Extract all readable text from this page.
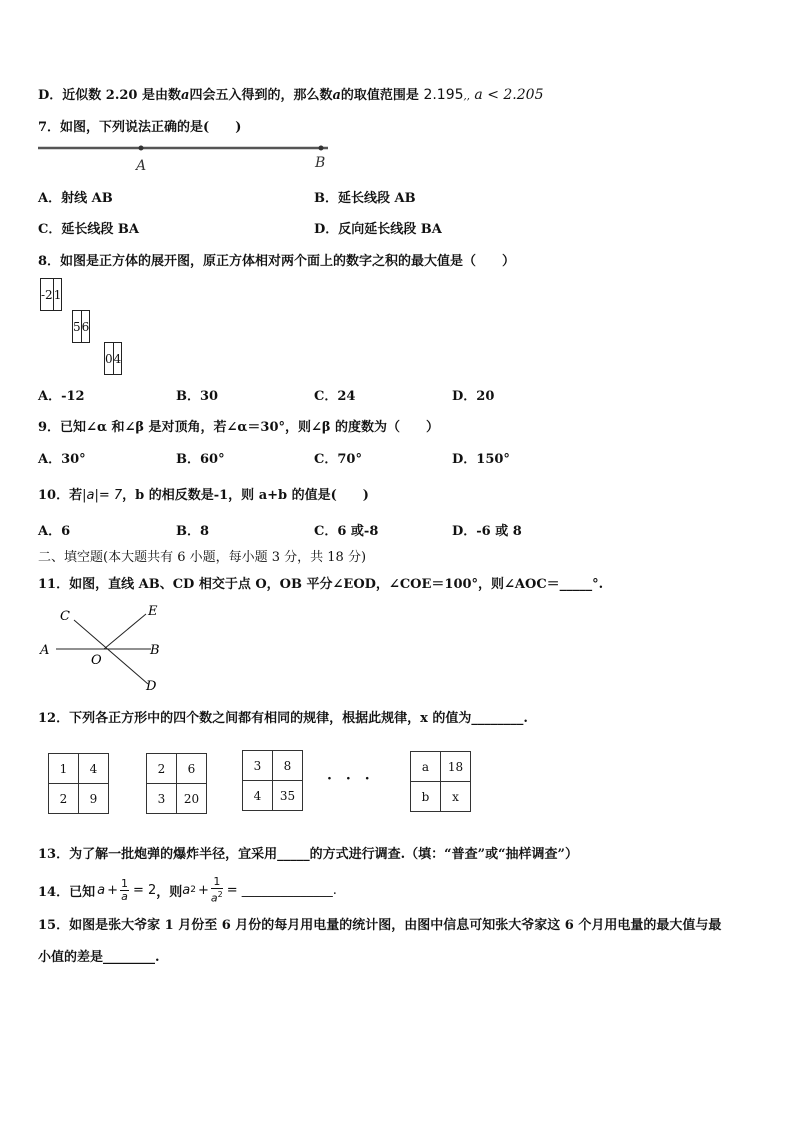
D．近似数 2.20 是由数a四会五入得到的，那么数a的取值范围是 2.195,, a < 2.205
7．如图，下列说法正确的是(　　)
A	B
A．射线 AB	B．延长线段 AB
C．延长线段 BA	D．反向延长线段 BA
8．如图是正方体的展开图，原正方体相对两个面上的数字之积的最大值是（　　）
-2	1
5	6
0	4
A．-12	B．30	C．24	D．20
9．已知∠α 和∠β 是对顶角，若∠α＝30°，则∠β 的度数为（　　）
A．30°	B．60°	C．70°	D．150°
10．若|a|= 7，b 的相反数是-1，则 a+b 的值是(　　)
A．6	B．8	C．6 或-8	D．-6 或 8
二、填空题(本大题共有 6 小题，每小题 3 分，共 18 分)
11．如图，直线 AB、CD 相交于点 O，OB 平分∠EOD，∠COE＝100°，则∠AOC＝_____°.
A	B
C
D
E
O
12．下列各正方形中的四个数之间都有相同的规律，根据此规律，x 的值为________.
1	4
2	9
2	6
3	20
3	8
4	35
·　·　·
a	18
b	x
13．为了解一批炮弹的爆炸半径，宜采用_____的方式进行调查.（填：“普查”或“抽样调查”）
14．已知 $a + \frac{1}{a} = 2$ ，则 a $2 + \frac{1}{a^2}$ = ______________.
15．如图是张大爷家 1 月份至 6 月份的每月用电量的统计图，由图中信息可知张大爷家这 6 个月用电量的最大值与最
小值的差是________.
